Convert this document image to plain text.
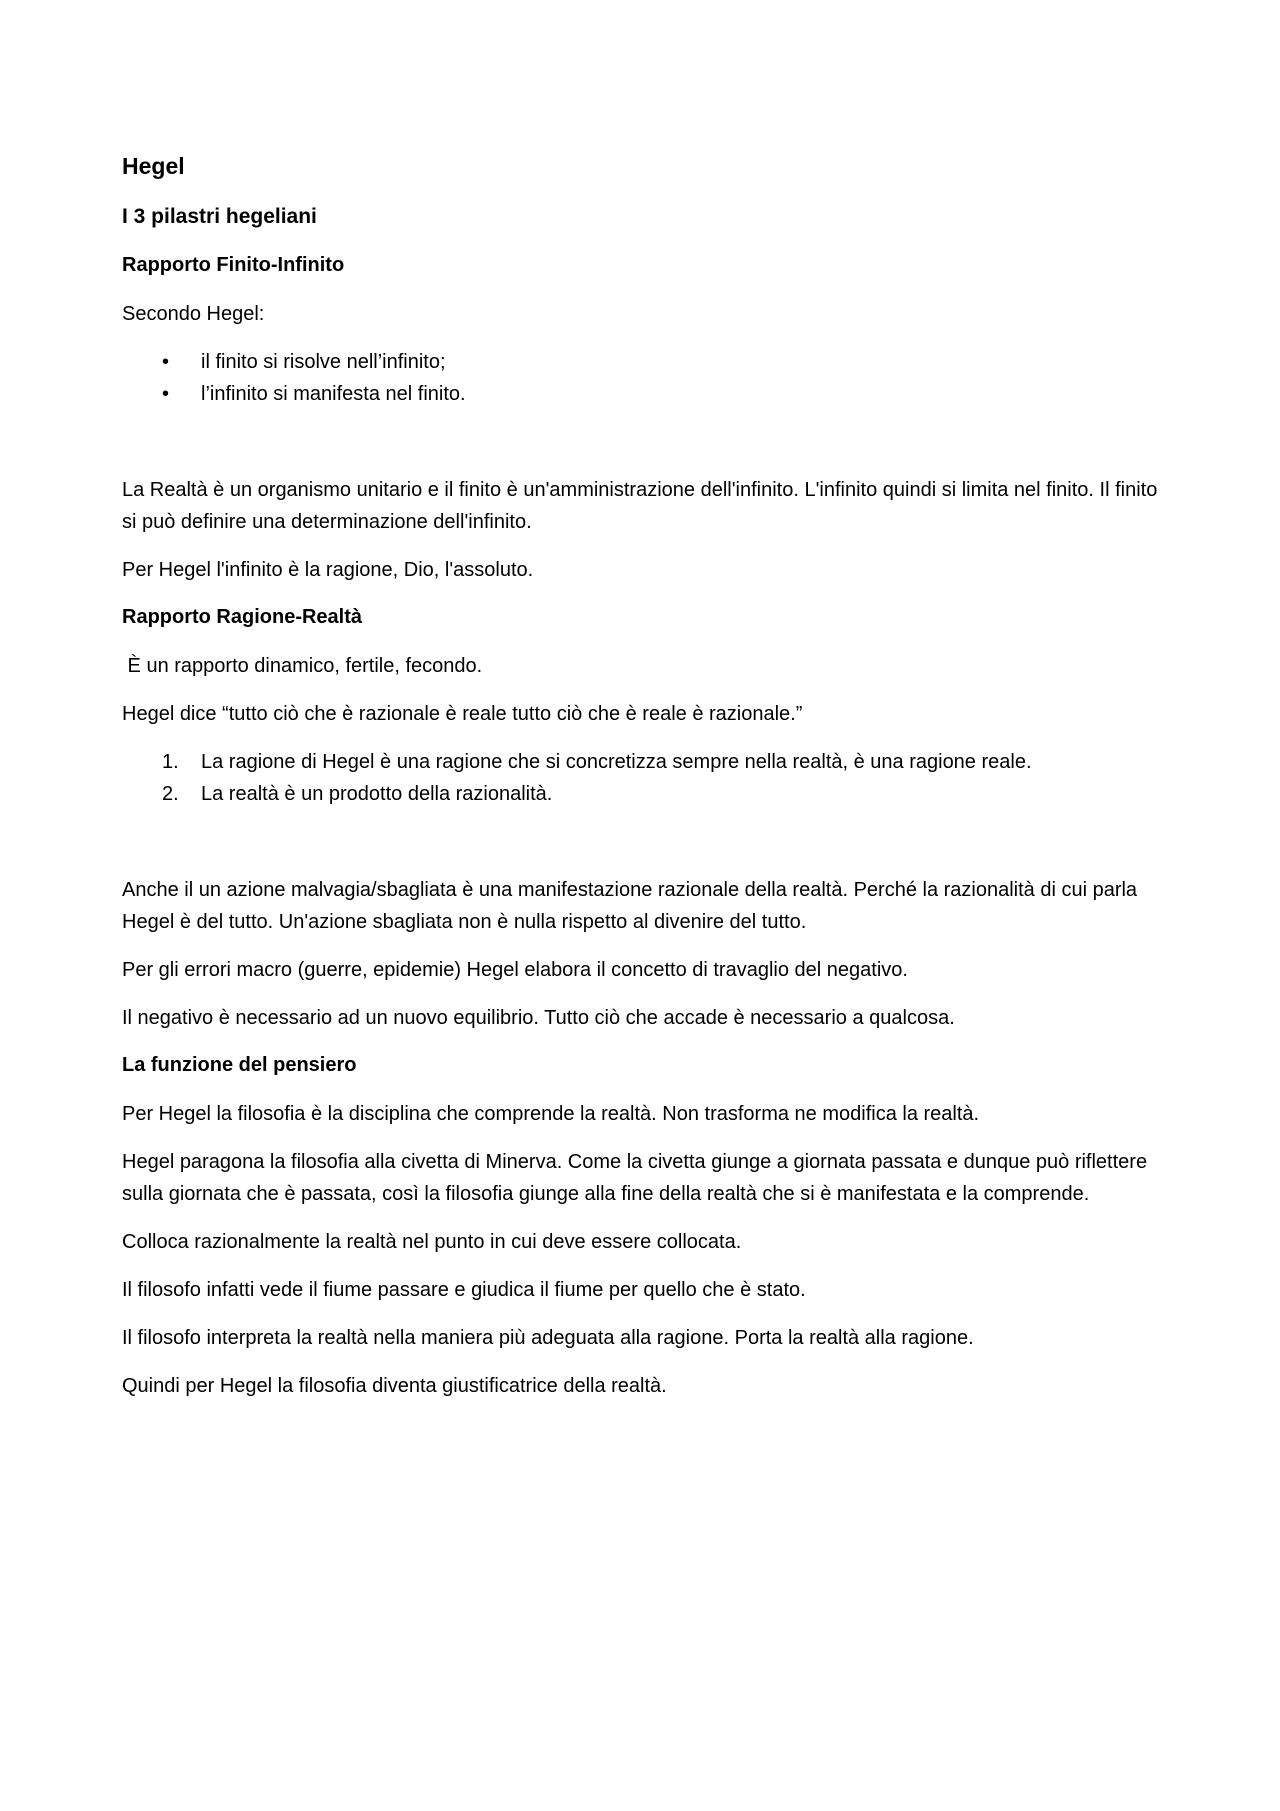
Hegel
I 3 pilastri hegeliani
Rapporto Finito-Infinito

Secondo Hegel:

• il finito si risolve nell’infinito;
• l’infinito si manifesta nel finito.

La Realtà è un organismo unitario e il finito è un'amministrazione dell'infinito. L'infinito quindi si limita nel finito. Il finito si può definire una determinazione dell'infinito.

Per Hegel l'infinito è la ragione, Dio, l'assoluto.

Rapporto Ragione-Realtà

È un rapporto dinamico, fertile, fecondo.

Hegel dice “tutto ciò che è razionale è reale tutto ciò che è reale è razionale.”

1. La ragione di Hegel è una ragione che si concretizza sempre nella realtà, è una ragione reale.
2. La realtà è un prodotto della razionalità.

Anche il un azione malvagia/sbagliata è una manifestazione razionale della realtà. Perché la razionalità di cui parla Hegel è del tutto. Un'azione sbagliata non è nulla rispetto al divenire del tutto.

Per gli errori macro (guerre, epidemie) Hegel elabora il concetto di travaglio del negativo.

Il negativo è necessario ad un nuovo equilibrio. Tutto ciò che accade è necessario a qualcosa.

La funzione del pensiero

Per Hegel la filosofia è la disciplina che comprende la realtà. Non trasforma ne modifica la realtà.

Hegel paragona la filosofia alla civetta di Minerva. Come la civetta giunge a giornata passata e dunque può riflettere sulla giornata che è passata, così la filosofia giunge alla fine della realtà che si è manifestata e la comprende.

Colloca razionalmente la realtà nel punto in cui deve essere collocata.

Il filosofo infatti vede il fiume passare e giudica il fiume per quello che è stato.

Il filosofo interpreta la realtà nella maniera più adeguata alla ragione. Porta la realtà alla ragione.

Quindi per Hegel la filosofia diventa giustificatrice della realtà.
